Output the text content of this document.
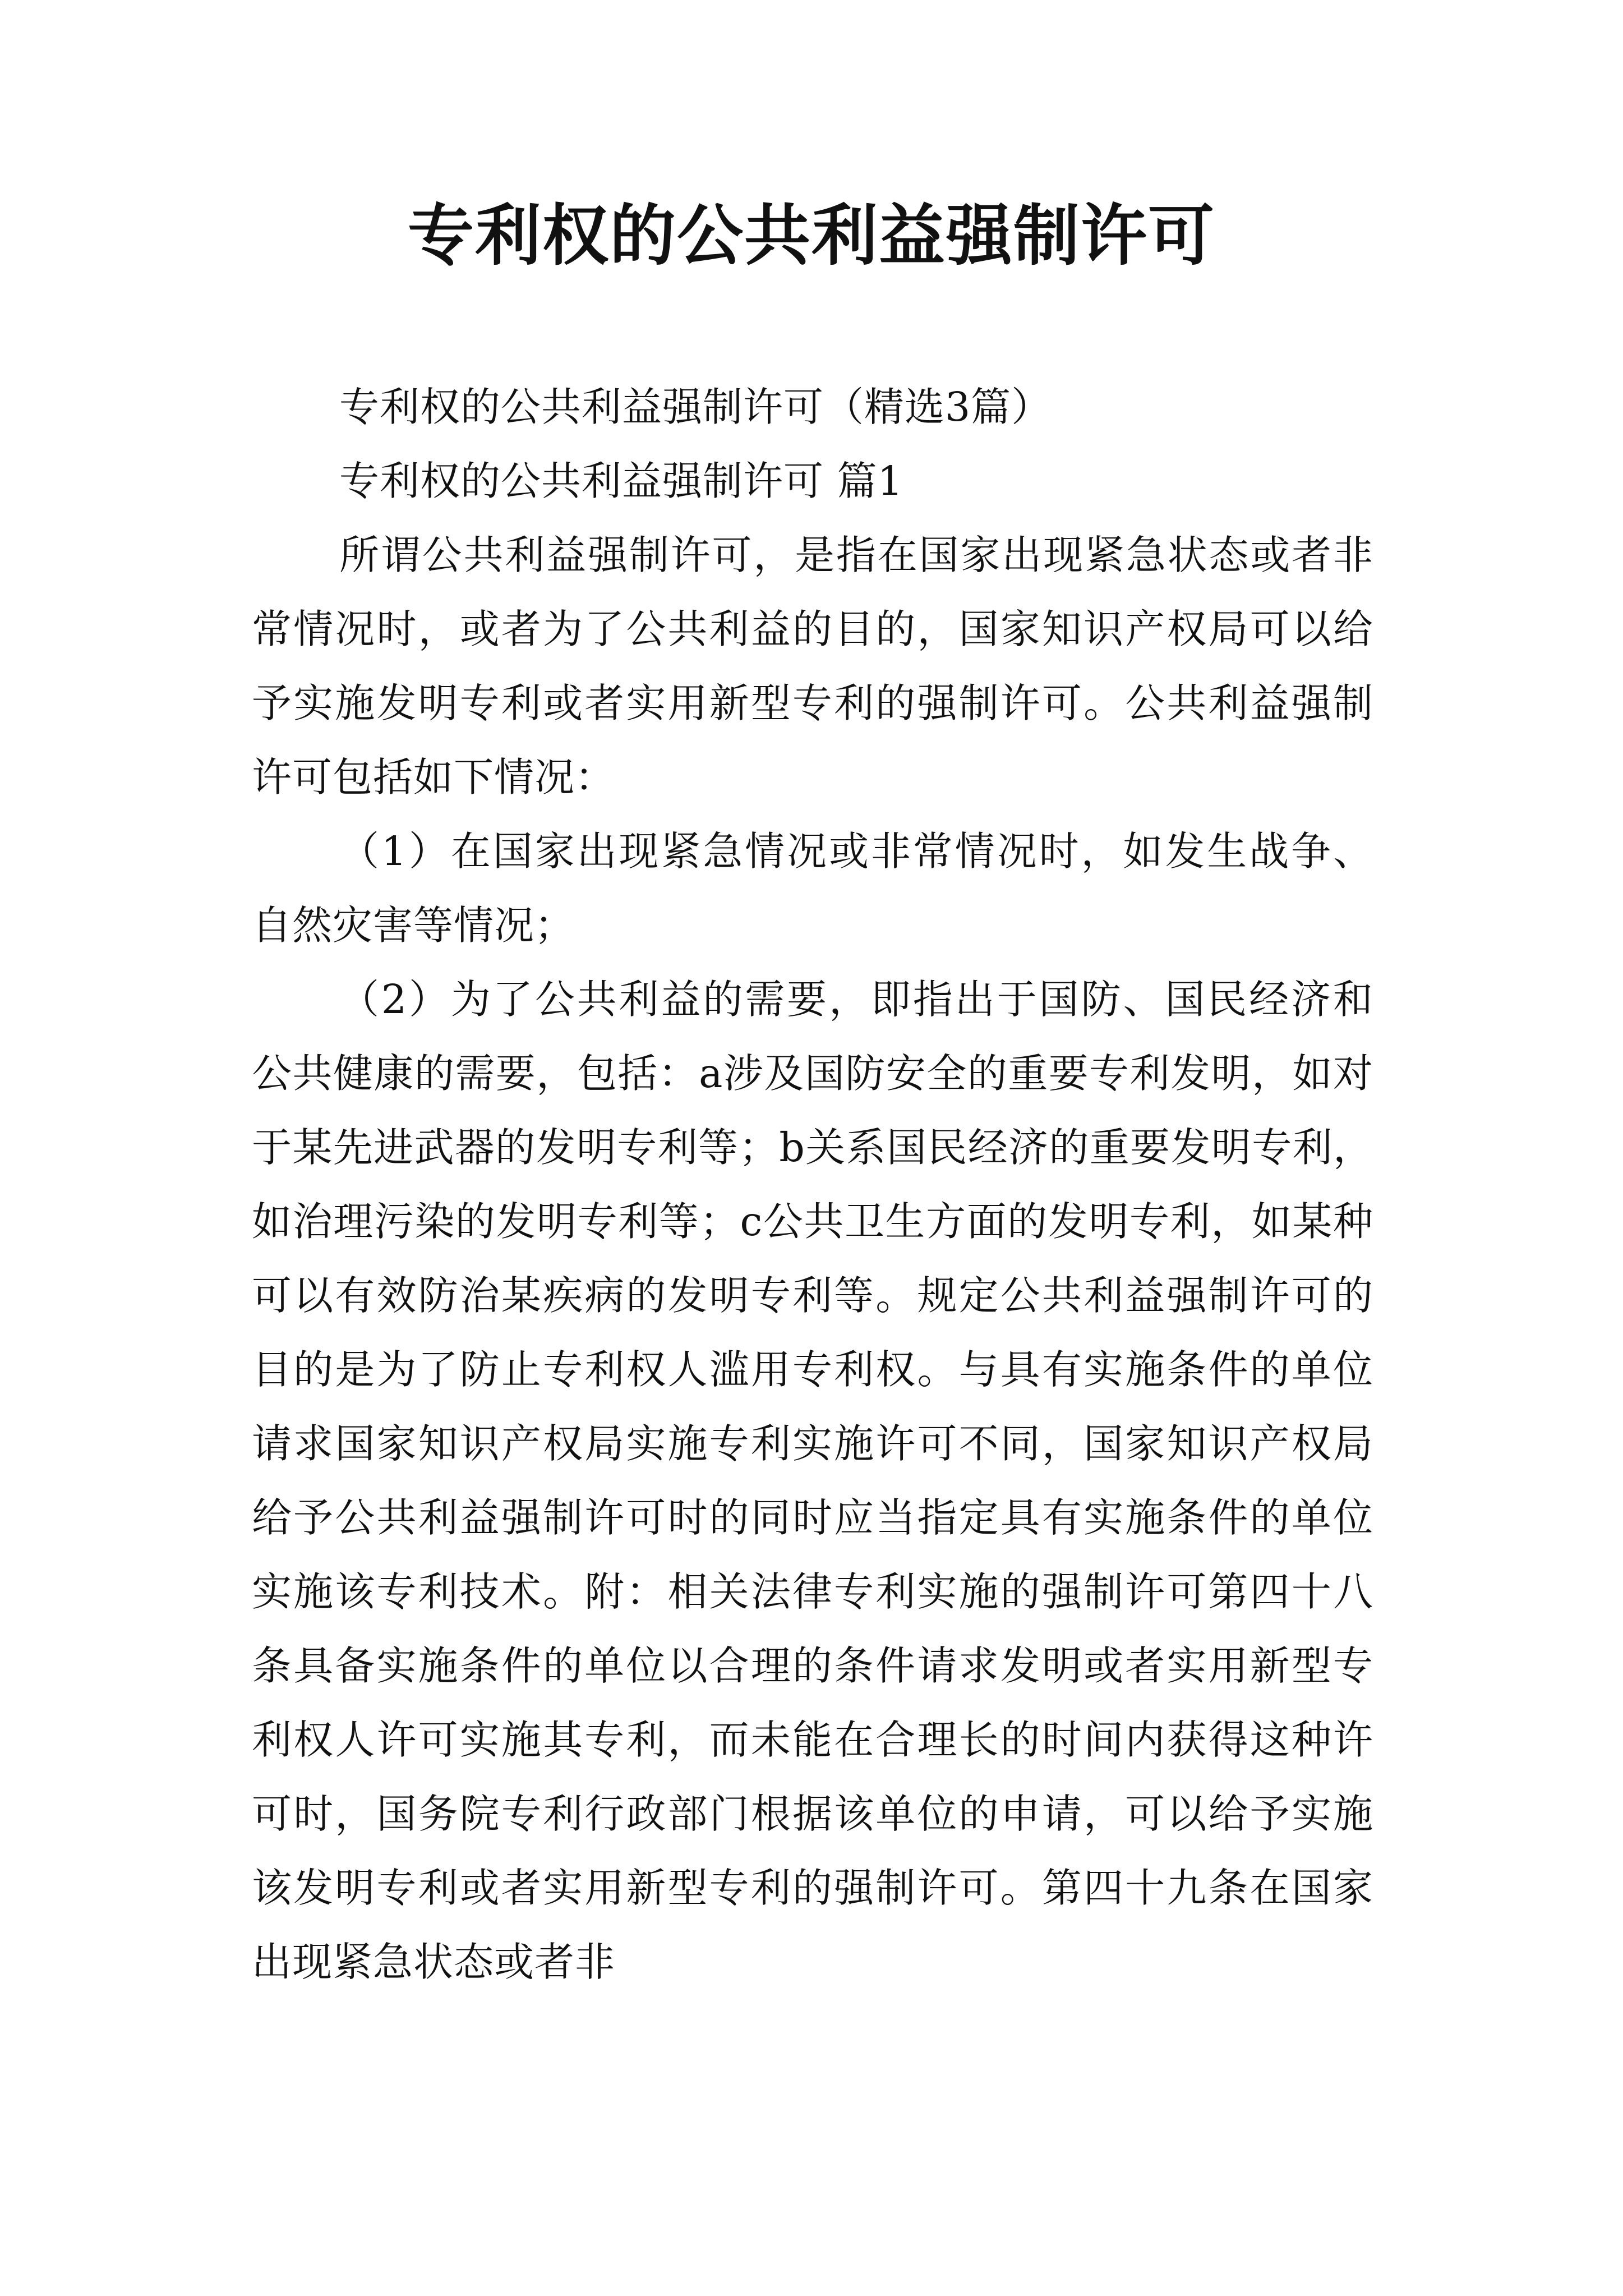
专利权的公共利益强制许可

专利权的公共利益强制许可（精选3篇）

专利权的公共利益强制许可 篇1

所谓公共利益强制许可，是指在国家出现紧急状态或者非常情况时，或者为了公共利益的目的，国家知识产权局可以给予实施发明专利或者实用新型专利的强制许可。公共利益强制许可包括如下情况：

（1）在国家出现紧急情况或非常情况时，如发生战争、自然灾害等情况；

（2）为了公共利益的需要，即指出于国防、国民经济和公共健康的需要，包括：a涉及国防安全的重要专利发明，如对于某先进武器的发明专利等；b关系国民经济的重要发明专利，如治理污染的发明专利等；c公共卫生方面的发明专利，如某种可以有效防治某疾病的发明专利等。规定公共利益强制许可的目的是为了防止专利权人滥用专利权。与具有实施条件的单位请求国家知识产权局实施专利实施许可不同，国家知识产权局给予公共利益强制许可时的同时应当指定具有实施条件的单位实施该专利技术。附：相关法律专利实施的强制许可第四十八条具备实施条件的单位以合理的条件请求发明或者实用新型专利权人许可实施其专利，而未能在合理长的时间内获得这种许可时，国务院专利行政部门根据该单位的申请，可以给予实施该发明专利或者实用新型专利的强制许可。第四十九条在国家出现紧急状态或者非
